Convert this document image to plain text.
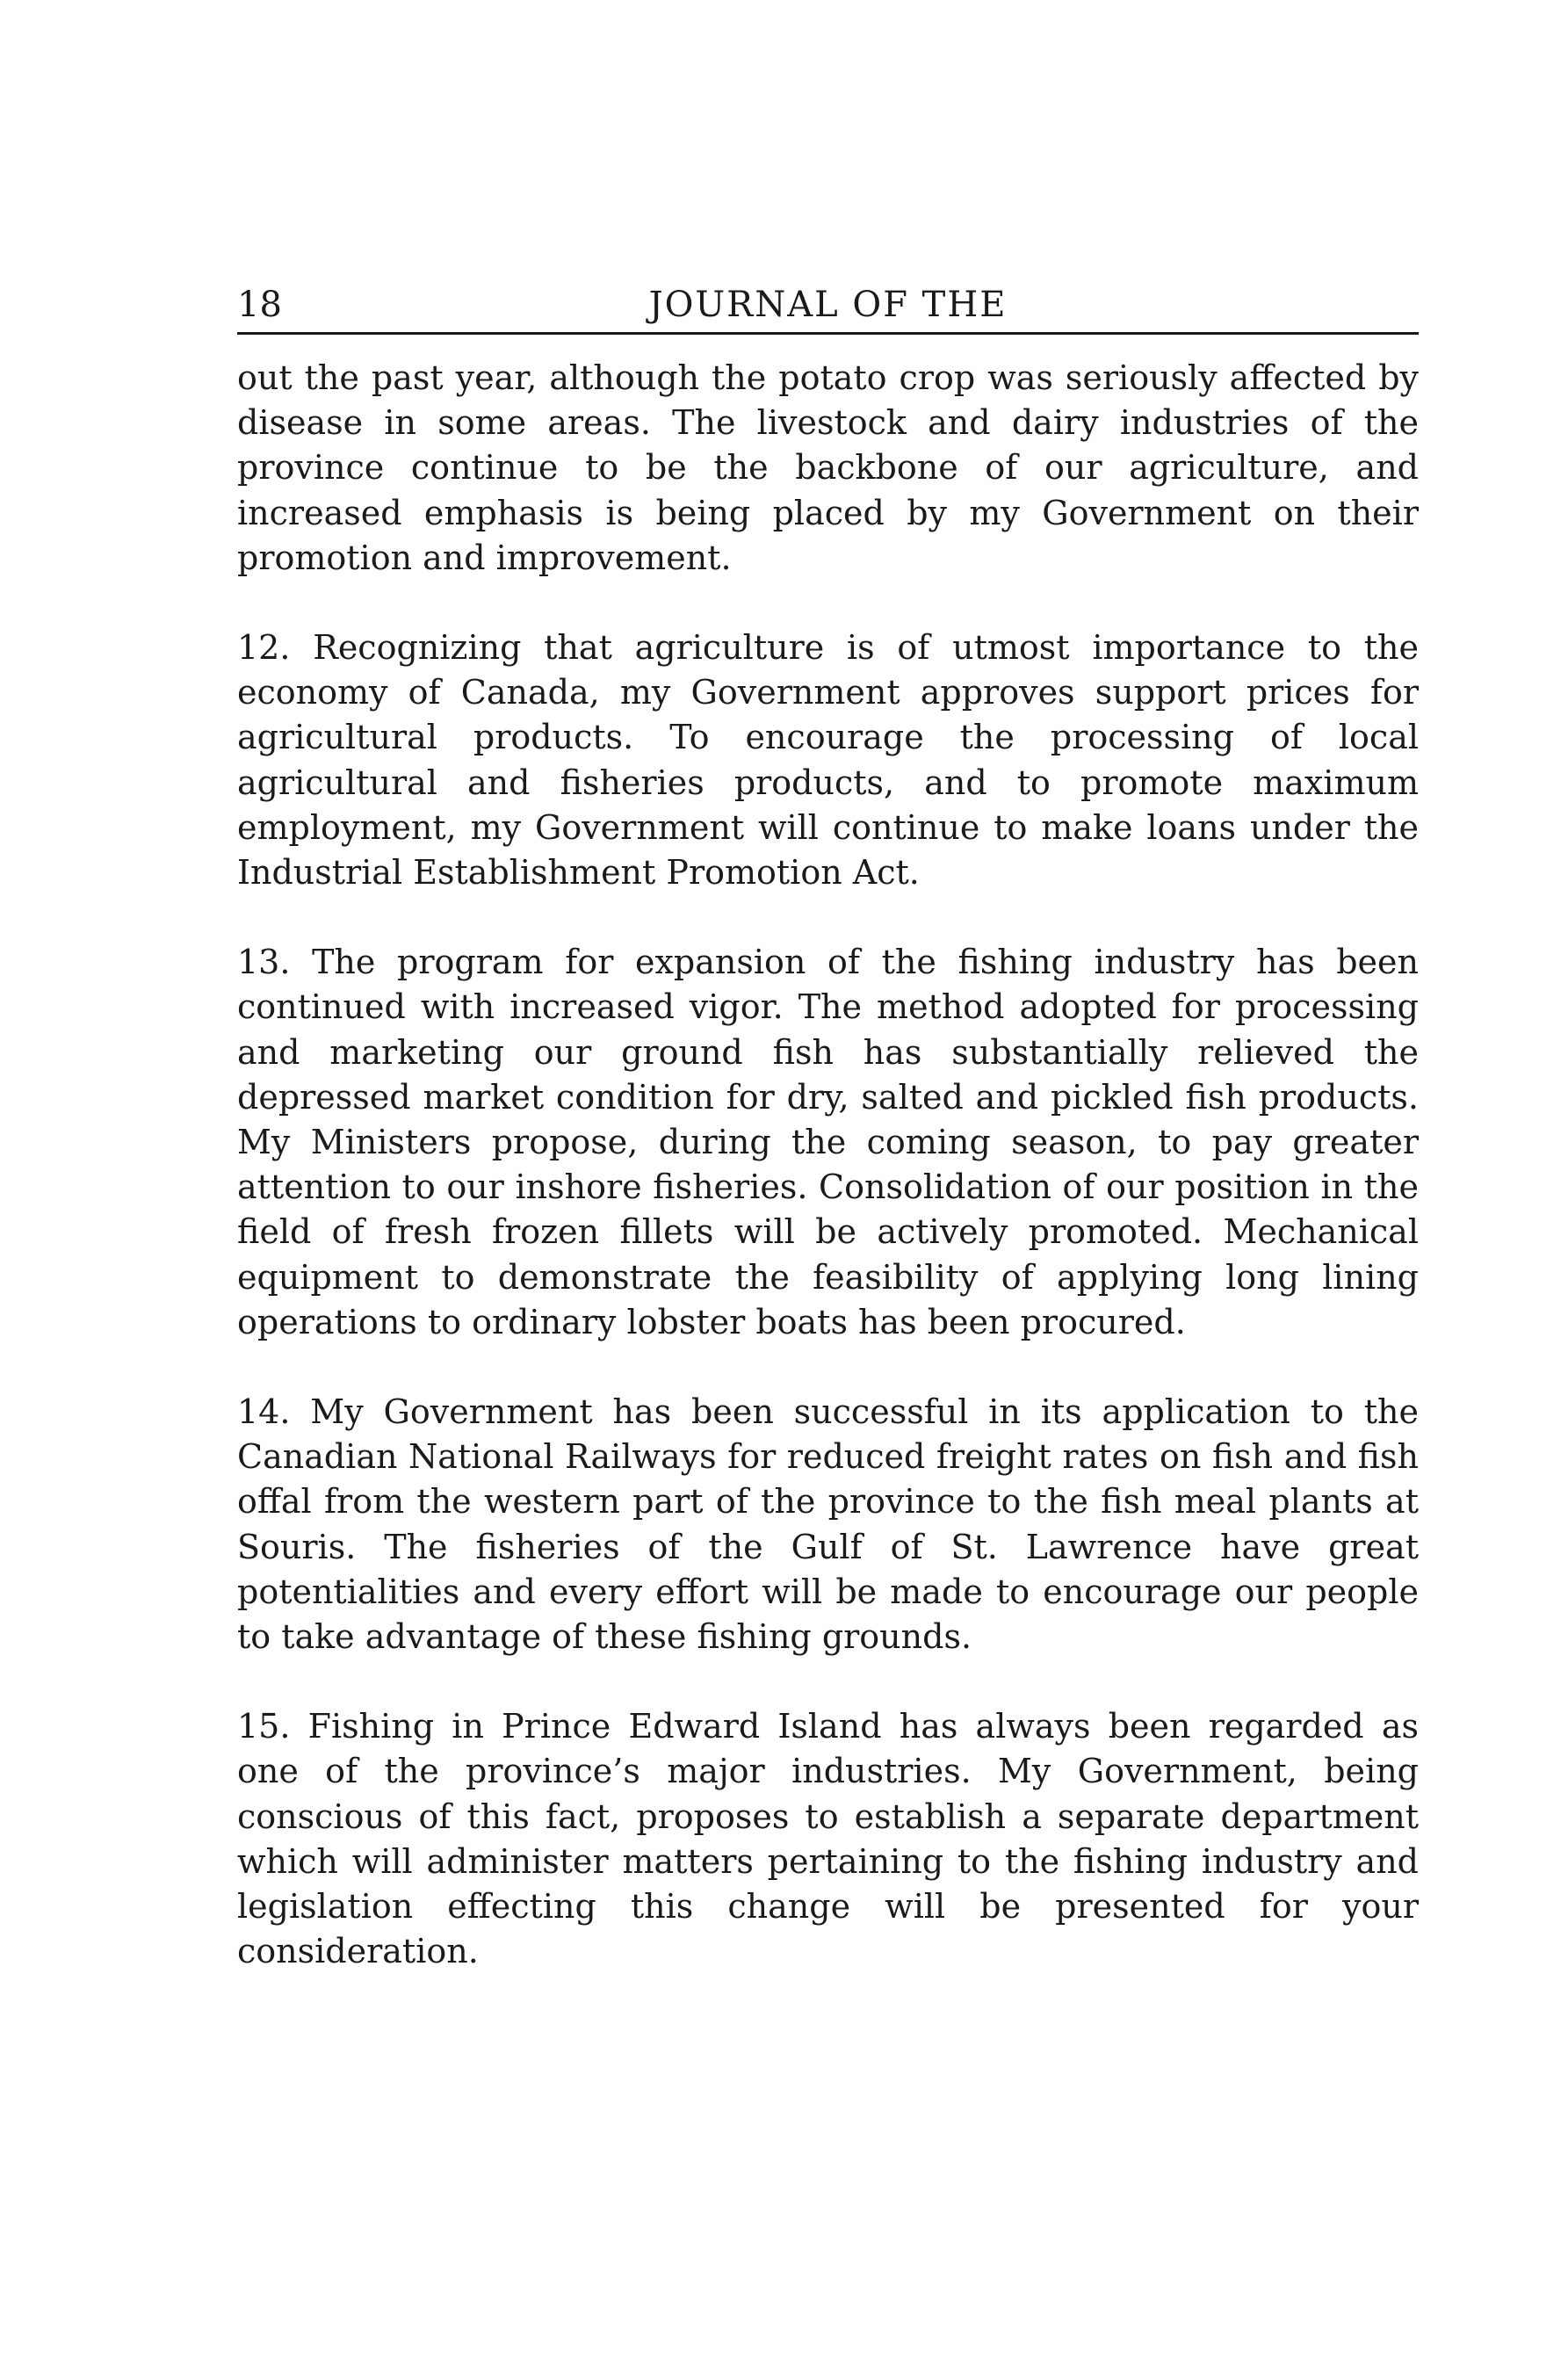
18	JOURNAL OF THE

out the past year, although the potato crop was seriously affected by disease in some areas. The livestock and dairy industries of the province continue to be the backbone of our agriculture, and increased emphasis is being placed by my Government on their promotion and improvement.

12. Recognizing that agriculture is of utmost importance to the economy of Canada, my Government approves support prices for agricultural products. To encourage the processing of local agricultural and fisheries products, and to promote maximum employment, my Government will continue to make loans under the Industrial Establishment Promotion Act.

13. The program for expansion of the fishing industry has been continued with increased vigor. The method adopted for processing and marketing our ground fish has substantially relieved the depressed market condition for dry, salted and pickled fish products. My Ministers propose, during the coming season, to pay greater attention to our inshore fisheries. Consolidation of our position in the field of fresh frozen fillets will be actively promoted. Mechanical equipment to demonstrate the feasibility of applying long lining operations to ordinary lobster boats has been procured.

14. My Government has been successful in its application to the Canadian National Railways for reduced freight rates on fish and fish offal from the western part of the province to the fish meal plants at Souris. The fisheries of the Gulf of St. Lawrence have great potentialities and every effort will be made to encourage our people to take advantage of these fishing grounds.

15. Fishing in Prince Edward Island has always been regarded as one of the province’s major industries. My Government, being conscious of this fact, proposes to establish a separate department which will administer matters pertaining to the fishing industry and legislation effecting this change will be presented for your consideration.
